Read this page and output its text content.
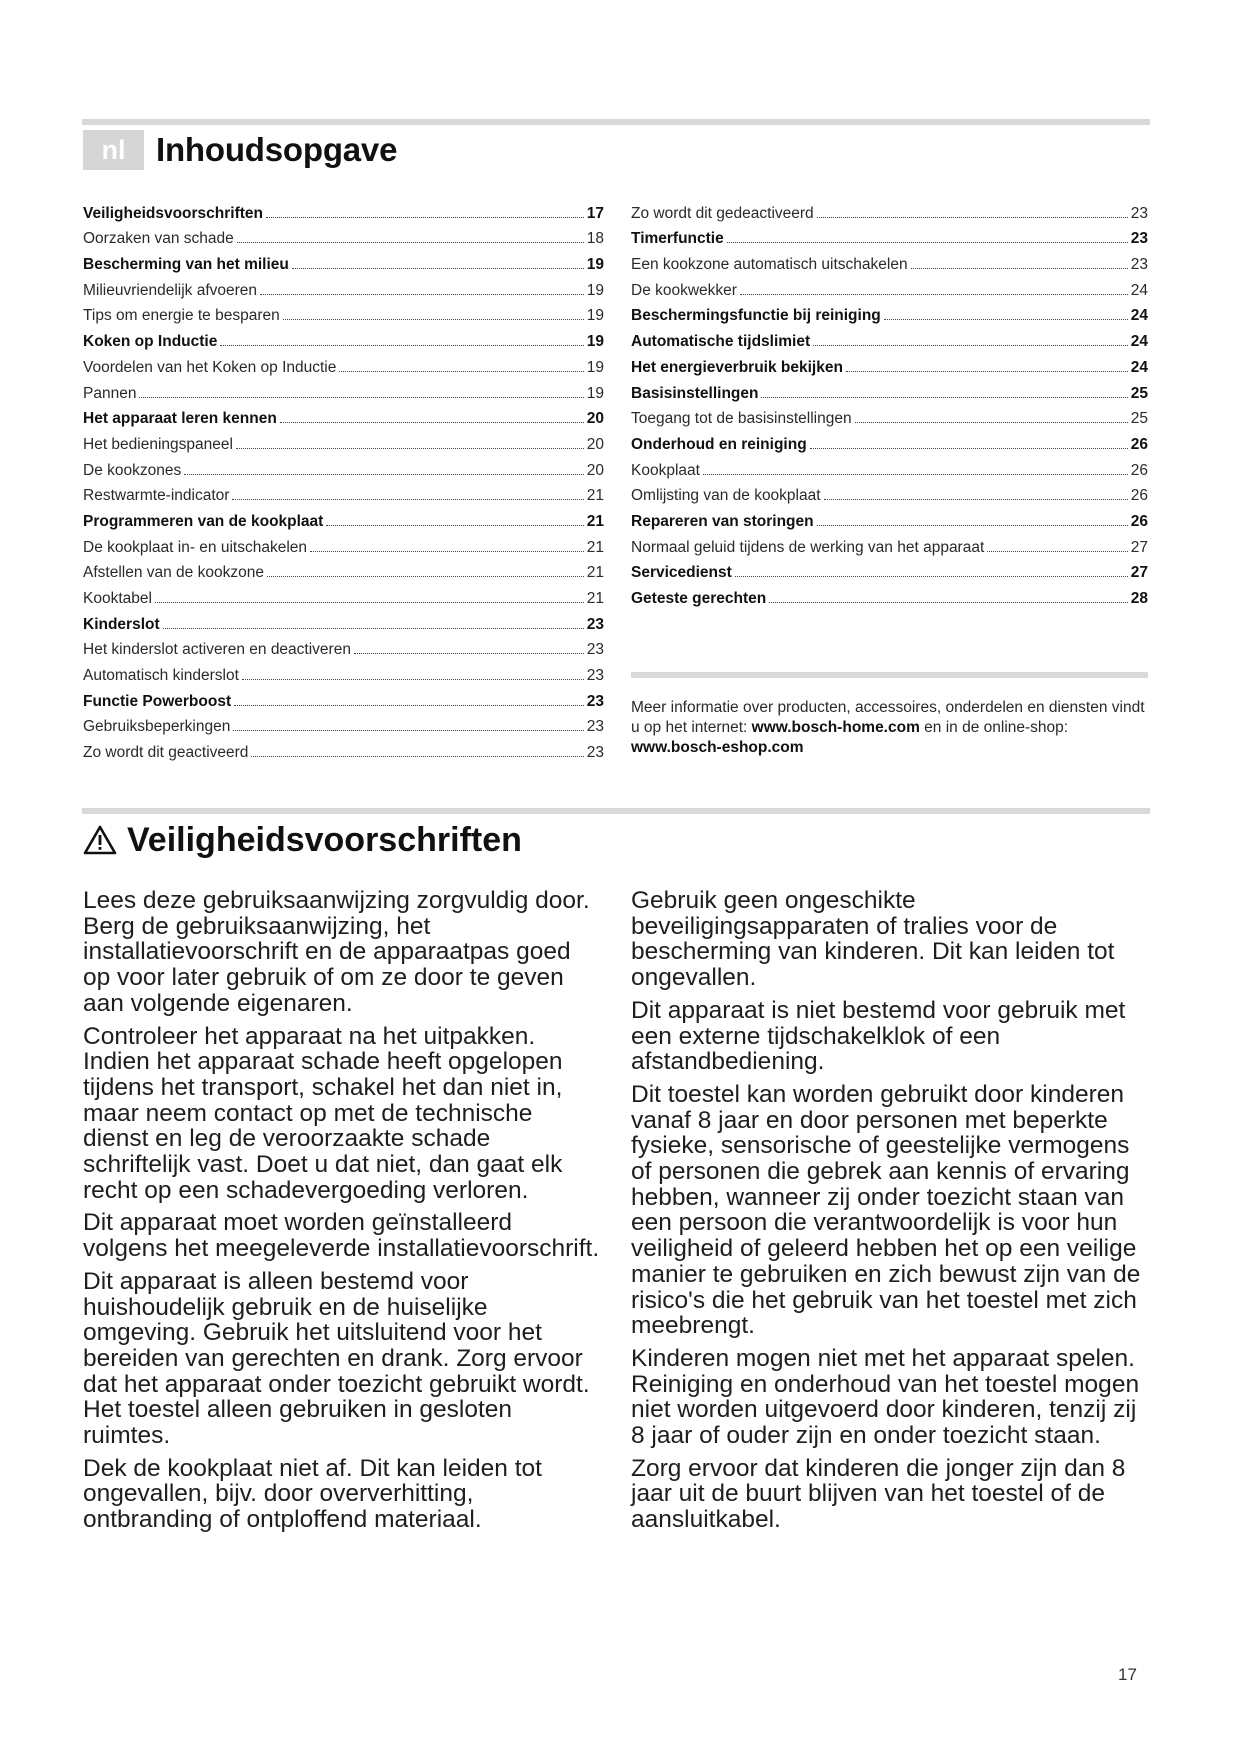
nl Inhoudsopgave
Veiligheidsvoorschriften	17
Oorzaken van schade	18
Bescherming van het milieu	19
Milieuvriendelijk afvoeren	19
Tips om energie te besparen	19
Koken op Inductie	19
Voordelen van het Koken op Inductie	19
Pannen	19
Het apparaat leren kennen	20
Het bedieningspaneel	20
De kookzones	20
Restwarmte-indicator	21
Programmeren van de kookplaat	21
De kookplaat in- en uitschakelen	21
Afstellen van de kookzone	21
Kooktabel	21
Kinderslot	23
Het kinderslot activeren en deactiveren	23
Automatisch kinderslot	23
Functie Powerboost	23
Gebruiksbeperkingen	23
Zo wordt dit geactiveerd	23
Zo wordt dit gedeactiveerd	23
Timerfunctie	23
Een kookzone automatisch uitschakelen	23
De kookwekker	24
Beschermingsfunctie bij reiniging	24
Automatische tijdslimiet	24
Het energieverbruik bekijken	24
Basisinstellingen	25
Toegang tot de basisinstellingen	25
Onderhoud en reiniging	26
Kookplaat	26
Omlijsting van de kookplaat	26
Repareren van storingen	26
Normaal geluid tijdens de werking van het apparaat	27
Servicedienst	27
Geteste gerechten	28
Meer informatie over producten, accessoires, onderdelen en diensten vindt u op het internet: www.bosch-home.com en in de online-shop: www.bosch-eshop.com
Veiligheidsvoorschriften

Lees deze gebruiksaanwijzing zorgvuldig door. Berg de gebruiksaanwijzing, het installatievoorschrift en de apparaatpas goed op voor later gebruik of om ze door te geven aan volgende eigenaren.

Controleer het apparaat na het uitpakken. Indien het apparaat schade heeft opgelopen tijdens het transport, schakel het dan niet in, maar neem contact op met de technische dienst en leg de veroorzaakte schade schriftelijk vast. Doet u dat niet, dan gaat elk recht op een schadevergoeding verloren.

Dit apparaat moet worden geïnstalleerd volgens het meegeleverde installatievoorschrift.

Dit apparaat is alleen bestemd voor huishoudelijk gebruik en de huiselijke omgeving. Gebruik het uitsluitend voor het bereiden van gerechten en drank. Zorg ervoor dat het apparaat onder toezicht gebruikt wordt. Het toestel alleen gebruiken in gesloten ruimtes.

Dek de kookplaat niet af. Dit kan leiden tot ongevallen, bijv. door oververhitting, ontbranding of ontploffend materiaal.

Gebruik geen ongeschikte beveiligingsapparaten of tralies voor de bescherming van kinderen. Dit kan leiden tot ongevallen.

Dit apparaat is niet bestemd voor gebruik met een externe tijdschakelklok of een afstandbediening.

Dit toestel kan worden gebruikt door kinderen vanaf 8 jaar en door personen met beperkte fysieke, sensorische of geestelijke vermogens of personen die gebrek aan kennis of ervaring hebben, wanneer zij onder toezicht staan van een persoon die verantwoordelijk is voor hun veiligheid of geleerd hebben het op een veilige manier te gebruiken en zich bewust zijn van de risico's die het gebruik van het toestel met zich meebrengt.

Kinderen mogen niet met het apparaat spelen. Reiniging en onderhoud van het toestel mogen niet worden uitgevoerd door kinderen, tenzij zij 8 jaar of ouder zijn en onder toezicht staan.

Zorg ervoor dat kinderen die jonger zijn dan 8 jaar uit de buurt blijven van het toestel of de aansluitkabel.

17
